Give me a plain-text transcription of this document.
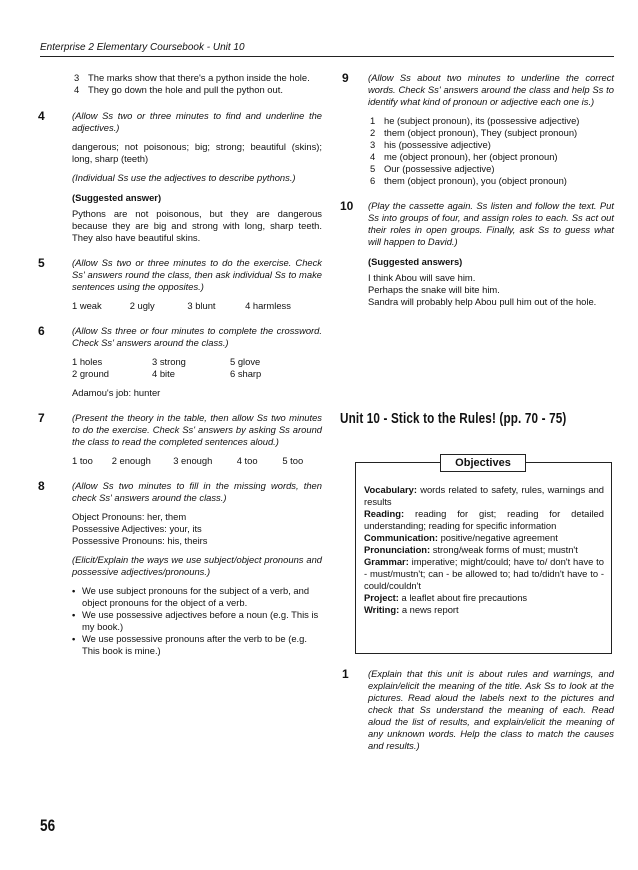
Enterprise 2 Elementary Coursebook - Unit 10
3 The marks show that there's a python inside the hole.
4 They go down the hole and pull the python out.
4	(Allow Ss two or three minutes to find and underline the adjectives.)

dangerous; not poisonous; big; strong; beautiful (skins); long, sharp (teeth)

(Individual Ss use the adjectives to describe pythons.)

(Suggested answer)

Pythons are not poisonous, but they are dangerous because they are big and strong with long, sharp teeth. They also have beautiful skins.

5	(Allow Ss two or three minutes to do the exercise. Check Ss' answers round the class, then ask individual Ss to make sentences using the opposites.)

1 weak	2 ugly	3 blunt	4 harmless
6	(Allow Ss three or four minutes to complete the crossword. Check Ss' answers around the class.)

1 holes	3 strong	5 glove
2 ground	4 bite	6 sharp

Adamou's job: hunter

7	(Present the theory in the table, then allow Ss two minutes to do the exercise. Check Ss' answers by asking Ss around the class to read the completed sentences aloud.)

1 too	2 enough	3 enough	4 too	5 too
8	(Allow Ss two minutes to fill in the missing words, then check Ss' answers around the class.)

Object Pronouns: her, them
Possessive Adjectives: your, its

Possessive Pronouns: his, theirs

(Elicit/Explain the ways we use subject/object pronouns and possessive adjectives/pronouns.)

• We use subject pronouns for the subject of a verb, and object pronouns for the object of a verb.
• We use possessive adjectives before a noun (e.g. This is my book.)
• We use possessive pronouns after the verb to be (e.g. This book is mine.)
9 (Allow Ss about two minutes to underline the correct words. Check Ss' answers around the class and help Ss to identify what kind of pronoun or adjective each one is.)

1 he (subject pronoun), its (possessive adjective)
2 them (object pronoun), They (subject pronoun)
3 his (possessive adjective)
4 me (object pronoun), her (object pronoun)
5 Our (possessive adjective)
6 them (object pronoun), you (object pronoun)
10 (Play the cassette again. Ss listen and follow the text. Put Ss into groups of four, and assign roles to each. Ss act out their roles in open groups. Finally, ask Ss to guess what will happen to David.)

(Suggested answers)
I think Abou will save him.
Perhaps the snake will bite him.
Sandra will probably help Abou pull him out of the hole.
Unit 10 - Stick to the Rules! (pp. 70 - 75)
Objectives
Vocabulary: words related to safety, rules, warnings and results
Reading: reading for gist; reading for detailed understanding; reading for specific information
Communication: positive/negative agreement
Pronunciation: strong/weak forms of must; mustn't
Grammar: imperative; might/could; have to/ don't have to - must/mustn't; can - be allowed to; had to/didn't have to - could/couldn't
Project: a leaflet about fire precautions
Writing: a news report
1 (Explain that this unit is about rules and warnings, and explain/elicit the meaning of the title. Ask Ss to look at the pictures. Read aloud the labels next to the pictures and check that Ss understand the meaning of each. Read aloud the list of results, and explain/elicit the meaning of any unknown words. Help the class to match the causes and results.)

56
